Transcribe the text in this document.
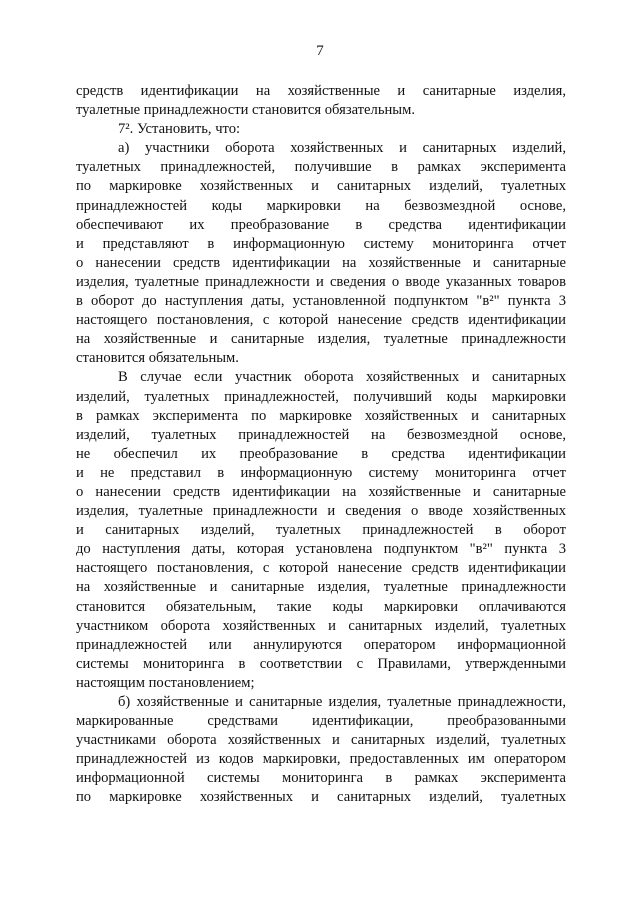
7
средств идентификации на хозяйственные и санитарные изделия,
туалетные принадлежности становится обязательным.
7². Установить, что:
а) участники оборота хозяйственных и санитарных изделий,
туалетных принадлежностей, получившие в рамках эксперимента
по маркировке хозяйственных и санитарных изделий, туалетных
принадлежностей коды маркировки на безвозмездной основе,
обеспечивают их преобразование в средства идентификации
и представляют в информационную систему мониторинга отчет
о нанесении средств идентификации на хозяйственные и санитарные
изделия, туалетные принадлежности и сведения о вводе указанных товаров
в оборот до наступления даты, установленной подпунктом "в²" пункта 3
настоящего постановления, с которой нанесение средств идентификации
на хозяйственные и санитарные изделия, туалетные принадлежности
становится обязательным.
В случае если участник оборота хозяйственных и санитарных
изделий, туалетных принадлежностей, получивший коды маркировки
в рамках эксперимента по маркировке хозяйственных и санитарных
изделий, туалетных принадлежностей на безвозмездной основе,
не обеспечил их преобразование в средства идентификации
и не представил в информационную систему мониторинга отчет
о нанесении средств идентификации на хозяйственные и санитарные
изделия, туалетные принадлежности и сведения о вводе хозяйственных
и санитарных изделий, туалетных принадлежностей в оборот
до наступления даты, которая установлена подпунктом "в²" пункта 3
настоящего постановления, с которой нанесение средств идентификации
на хозяйственные и санитарные изделия, туалетные принадлежности
становится обязательным, такие коды маркировки оплачиваются
участником оборота хозяйственных и санитарных изделий, туалетных
принадлежностей или аннулируются оператором информационной
системы мониторинга в соответствии с Правилами, утвержденными
настоящим постановлением;
б) хозяйственные и санитарные изделия, туалетные принадлежности,
маркированные средствами идентификации, преобразованными
участниками оборота хозяйственных и санитарных изделий, туалетных
принадлежностей из кодов маркировки, предоставленных им оператором
информационной системы мониторинга в рамках эксперимента
по маркировке хозяйственных и санитарных изделий, туалетных
